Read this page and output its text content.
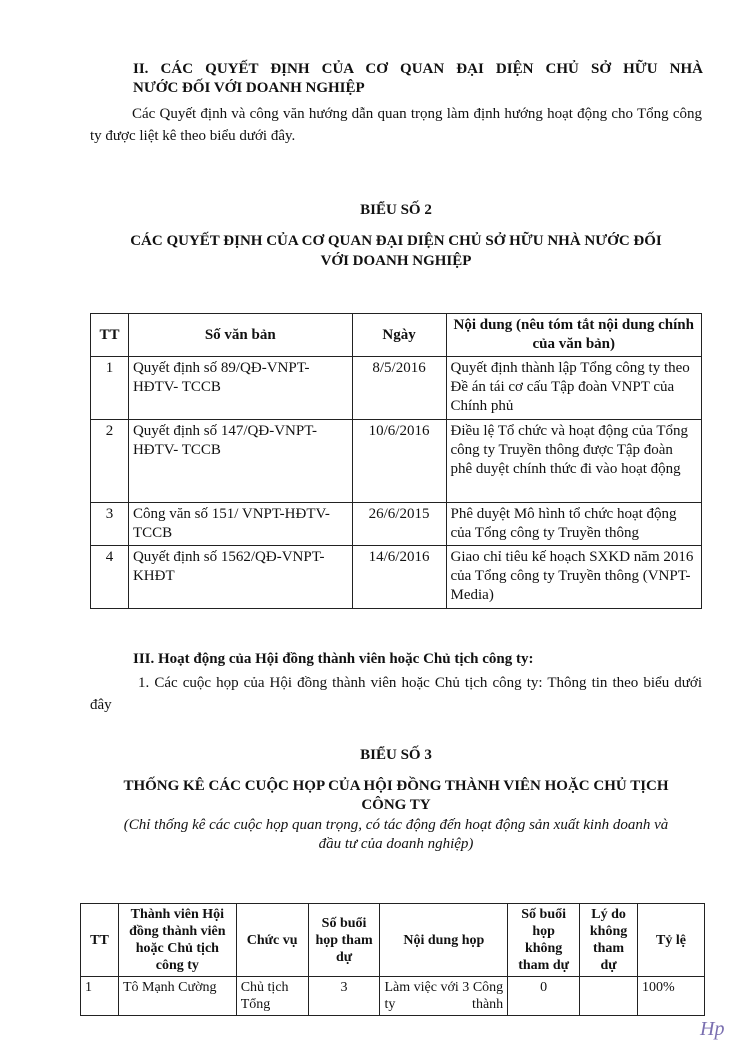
II. CÁC QUYẾT ĐỊNH CỦA CƠ QUAN ĐẠI DIỆN CHỦ SỞ HỮU NHÀ
NƯỚC ĐỐI VỚI DOANH NGHIỆP
Các Quyết định và công văn hướng dẫn quan trọng làm định hướng hoạt động cho Tổng công ty được liệt kê theo biểu dưới đây.
BIỂU SỐ 2
CÁC QUYẾT ĐỊNH CỦA CƠ QUAN ĐẠI DIỆN CHỦ SỞ HỮU NHÀ NƯỚC ĐỐI
VỚI DOANH NGHIỆP
TT	Số văn bản	Ngày	Nội dung (nêu tóm tắt nội dung chính của văn bản)
1	Quyết định số 89/QĐ-VNPT-HĐTV- TCCB	8/5/2016	Quyết định thành lập Tổng công ty theo Đề án tái cơ cấu Tập đoàn VNPT của Chính phủ
2	Quyết định số 147/QĐ-VNPT-HĐTV- TCCB	10/6/2016	Điều lệ Tổ chức và hoạt động của Tổng công ty Truyền thông được Tập đoàn phê duyệt chính thức đi vào hoạt động
3	Công văn số 151/ VNPT-HĐTV- TCCB	26/6/2015	Phê duyệt Mô hình tổ chức hoạt động của Tổng công ty Truyền thông
4	Quyết định số 1562/QĐ-VNPT-KHĐT	14/6/2016	Giao chỉ tiêu kế hoạch SXKD năm 2016 của Tổng công ty Truyền thông (VNPT-Media)
III. Hoạt động của Hội đồng thành viên hoặc Chủ tịch công ty:
1. Các cuộc họp của Hội đồng thành viên hoặc Chủ tịch công ty: Thông tin theo biểu dưới đây
BIỂU SỐ 3
THỐNG KÊ CÁC CUỘC HỌP CỦA HỘI ĐỒNG THÀNH VIÊN HOẶC CHỦ TỊCH
CÔNG TY
(Chỉ thống kê các cuộc họp quan trọng, có tác động đến hoạt động sản xuất kinh doanh và
đầu tư của doanh nghiệp)
TT	Thành viên Hội đồng thành viên hoặc Chủ tịch công ty	Chức vụ	Số buổi họp tham dự	Nội dung họp	Số buổi họp không tham dự	Lý do không tham dự	Tỷ lệ
1	Tô Mạnh Cường	Chủ tịch Tổng	3	Làm việc với 3 Công ty thành	0		100%
Hp
